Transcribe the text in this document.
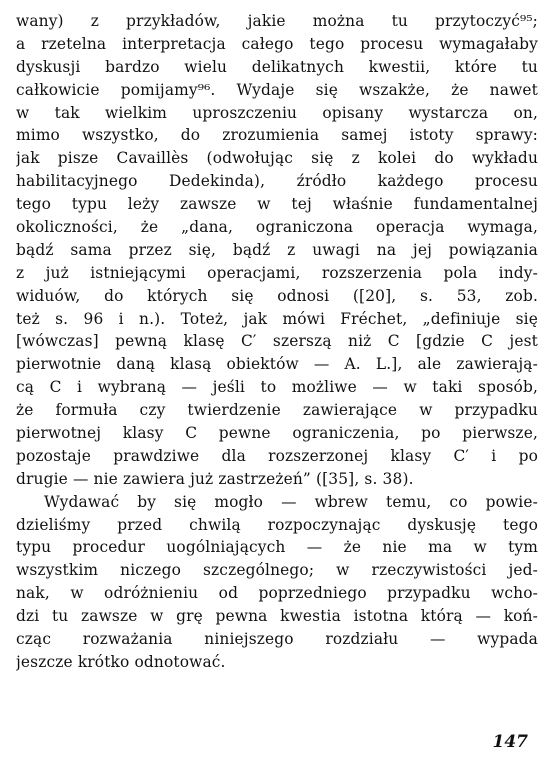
wany) z przykładów, jakie można tu przytoczyć⁹⁵;
a rzetelna interpretacja całego tego procesu wymagałaby
dyskusji bardzo wielu delikatnych kwestii, które tu
całkowicie pomijamy⁹⁶. Wydaje się wszakże, że nawet
w tak wielkim uproszczeniu opisany wystarcza on,
mimo wszystko, do zrozumienia samej istoty sprawy:
jak pisze Cavaillès (odwołując się z kolei do wykładu
habilitacyjnego Dedekinda), źródło każdego procesu
tego typu leży zawsze w tej właśnie fundamentalnej
okoliczności, że „dana, ograniczona operacja wymaga,
bądź sama przez się, bądź z uwagi na jej powiązania
z już istniejącymi operacjami, rozszerzenia pola indy-
widuów, do których się odnosi ([20], s. 53, zob.
też s. 96 i n.). Toteż, jak mówi Fréchet, „definiuje się
[wówczas] pewną klasę C′ szerszą niż C [gdzie C jest
pierwotnie daną klasą obiektów — A. L.], ale zawierają-
cą C i wybraną — jeśli to możliwe — w taki sposób,
że formuła czy twierdzenie zawierające w przypadku
pierwotnej klasy C pewne ograniczenia, po pierwsze,
pozostaje prawdziwe dla rozszerzonej klasy C′ i po
drugie — nie zawiera już zastrzeżeń” ([35], s. 38).
Wydawać by się mogło — wbrew temu, co powie-
dzieliśmy przed chwilą rozpoczynając dyskusję tego
typu procedur uogólniających — że nie ma w tym
wszystkim niczego szczególnego; w rzeczywistości jed-
nak, w odróżnieniu od poprzedniego przypadku wcho-
dzi tu zawsze w grę pewna kwestia istotna którą — koń-
cząc rozważania niniejszego rozdziału — wypada
jeszcze krótko odnotować.
147
